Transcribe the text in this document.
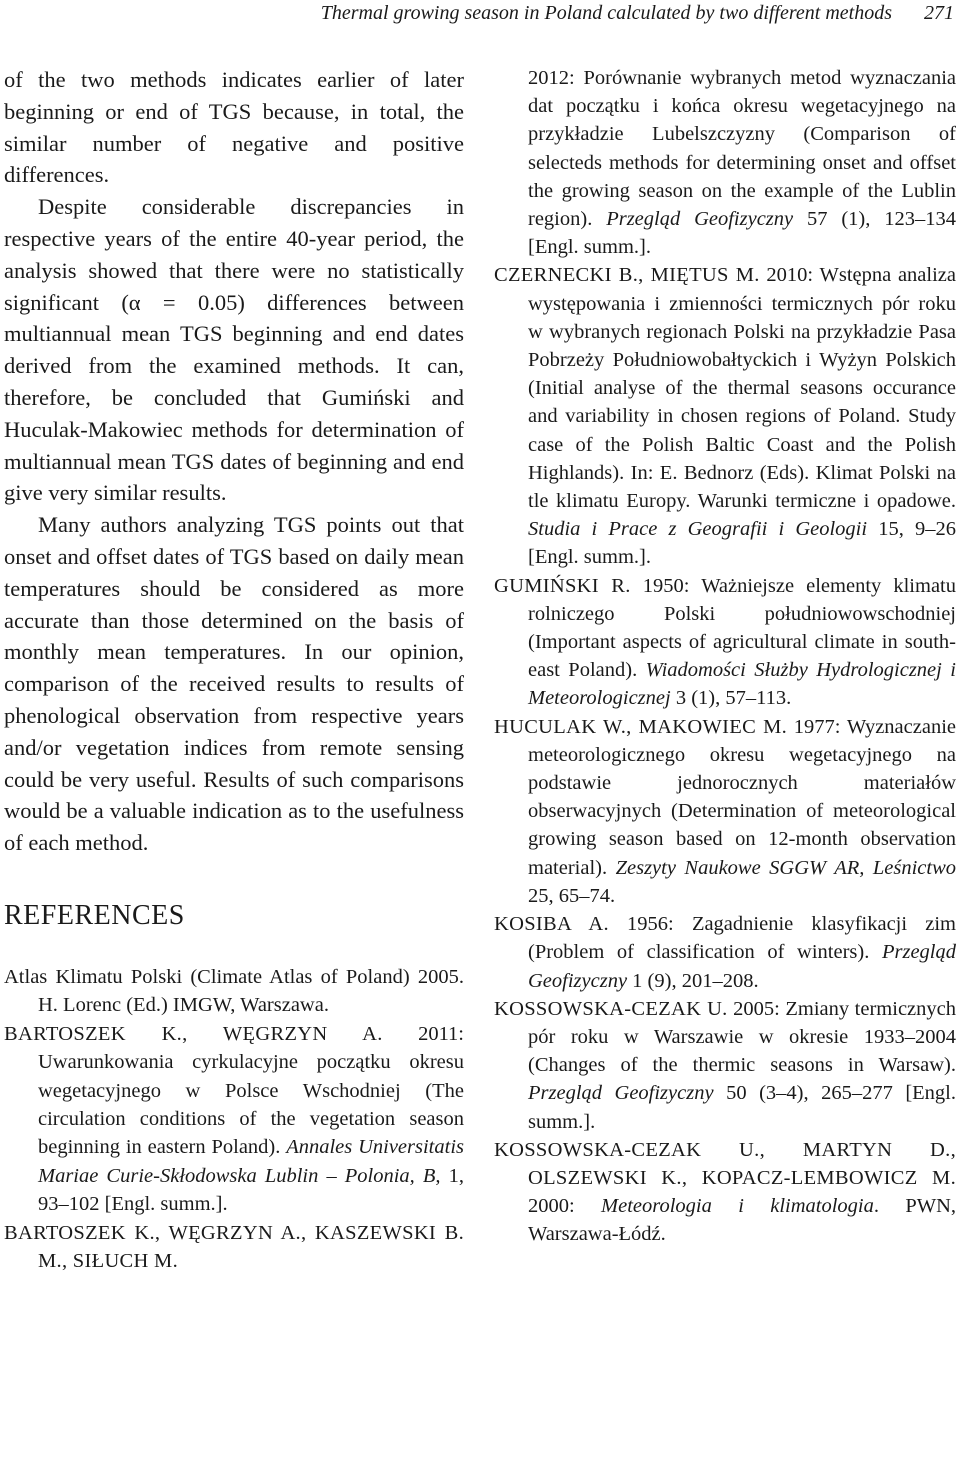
Thermal growing season in Poland calculated by two different methods 271

of the two methods indicates earlier of later beginning or end of TGS because, in total, the similar number of negative and positive differences.

Despite considerable discrepancies in respective years of the entire 40-year period, the analysis showed that there were no statistically significant (α = 0.05) differences between multiannual mean TGS beginning and end dates derived from the examined methods. It can, therefore, be concluded that Gumiński and Huculak-Makowiec methods for determination of multiannual mean TGS dates of beginning and end give very similar results.

Many authors analyzing TGS points out that onset and offset dates of TGS based on daily mean temperatures should be considered as more accurate than those determined on the basis of monthly mean temperatures. In our opinion, comparison of the received results to results of phenological observation from respective years and/or vegetation indices from remote sensing could be very useful. Results of such comparisons would be a valuable indication as to the usefulness of each method.

REFERENCES

Atlas Klimatu Polski (Climate Atlas of Poland) 2005. H. Lorenc (Ed.) IMGW, Warszawa.

BARTOSZEK K., WĘGRZYN A. 2011: Uwarunkowania cyrkulacyjne początku okresu wegetacyjnego w Polsce Wschodniej (The circulation conditions of the vegetation season beginning in eastern Poland). Annales Universitatis Mariae Curie-Skłodowska Lublin – Polonia, B, 1, 93–102 [Engl. summ.].

BARTOSZEK K., WĘGRZYN A., KASZEWSKI B. M., SIŁUCH M.

2012: Porównanie wybranych metod wyznaczania dat początku i końca okresu wegetacyjnego na przykładzie Lubelszczyzny (Comparison of selecteds methods for determining onset and offset the growing season on the example of the Lublin region). Przegląd Geofizyczny 57 (1), 123–134 [Engl. summ.].

CZERNECKI B., MIĘTUS M. 2010: Wstępna analiza występowania i zmienności termicznych pór roku w wybranych regionach Polski na przykładzie Pasa Pobrzeży Południowobałtyckich i Wyżyn Polskich (Initial analyse of the thermal seasons occurance and variability in chosen regions of Poland. Study case of the Polish Baltic Coast and the Polish Highlands). In: E. Bednorz (Eds). Klimat Polski na tle klimatu Europy. Warunki termiczne i opadowe. Studia i Prace z Geografii i Geologii 15, 9–26 [Engl. summ.].

GUMIŃSKI R. 1950: Ważniejsze elementy klimatu rolniczego Polski południowowschodniej (Important aspects of agricultural climate in south-east Poland). Wiadomości Służby Hydrologicznej i Meteorologicznej 3 (1), 57–113.

HUCULAK W., MAKOWIEC M. 1977: Wyznaczanie meteorologicznego okresu wegetacyjnego na podstawie jednorocznych materiałów obserwacyjnych (Determination of meteorological growing season based on 12-month observation material). Zeszyty Naukowe SGGW AR, Leśnictwo 25, 65–74.

KOSIBA A. 1956: Zagadnienie klasyfikacji zim (Problem of classification of winters). Przegląd Geofizyczny 1 (9), 201–208.

KOSSOWSKA-CEZAK U. 2005: Zmiany termicznych pór roku w Warszawie w okresie 1933–2004 (Changes of the thermic seasons in Warsaw). Przegląd Geofizyczny 50 (3–4), 265–277 [Engl. summ.].

KOSSOWSKA-CEZAK U., MARTYN D., OLSZEWSKI K., KOPACZ-LEMBOWICZ M. 2000: Meteorologia i klimatologia. PWN, Warszawa-Łódź.
